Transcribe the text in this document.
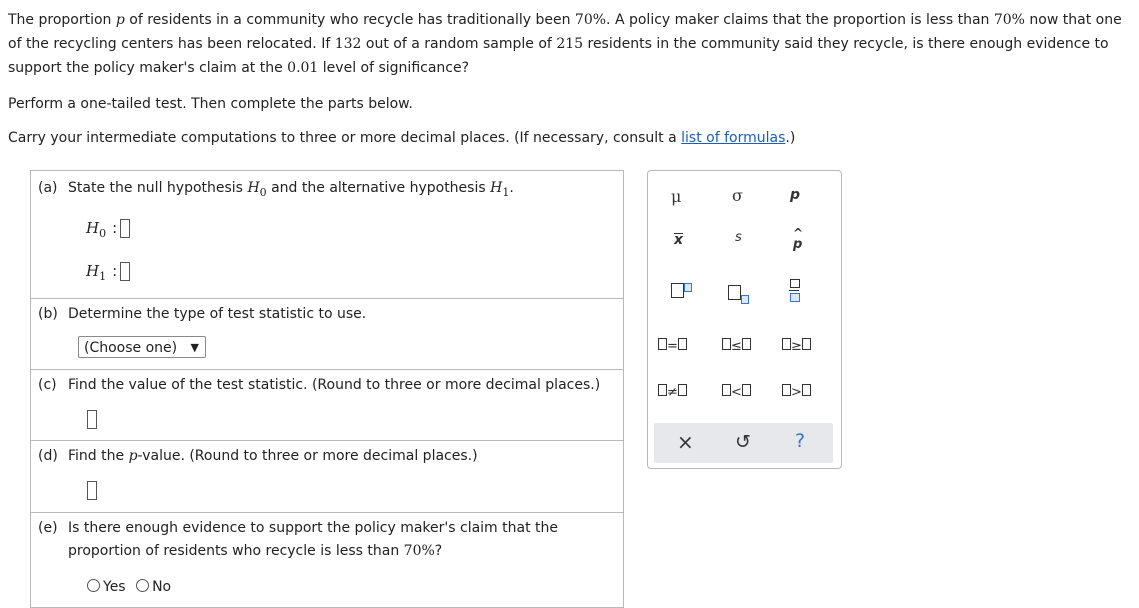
The proportion p of residents in a community who recycle has traditionally been 70%. A policy maker claims that the proportion is less than 70% now that one

of the recycling centers has been relocated. If 132 out of a random sample of 215 residents in the community said they recycle, is there enough evidence to

support the policy maker's claim at the 0.01 level of significance?

Perform a one-tailed test. Then complete the parts below.
Carry your intermediate computations to three or more decimal places. (If necessary, consult a list of formulas.)
(a) State the null hypothesis $H_0$ and the alternative hypothesis $H_1$.
$H_0$ :
$H_1$ :
(b) Determine the type of test statistic to use.
(Choose one) ▼
(c) Find the value of the test statistic. (Round to three or more decimal places.)
(d) Find the p-value. (Round to three or more decimal places.)
(e) Is there enough evidence to support the policy maker's claim that the
proportion of residents who recycle is less than 70%?
Yes No
μ	σ	p
x	s	^
p
=	≤	≥
≠	<	>
× ↺ ?
